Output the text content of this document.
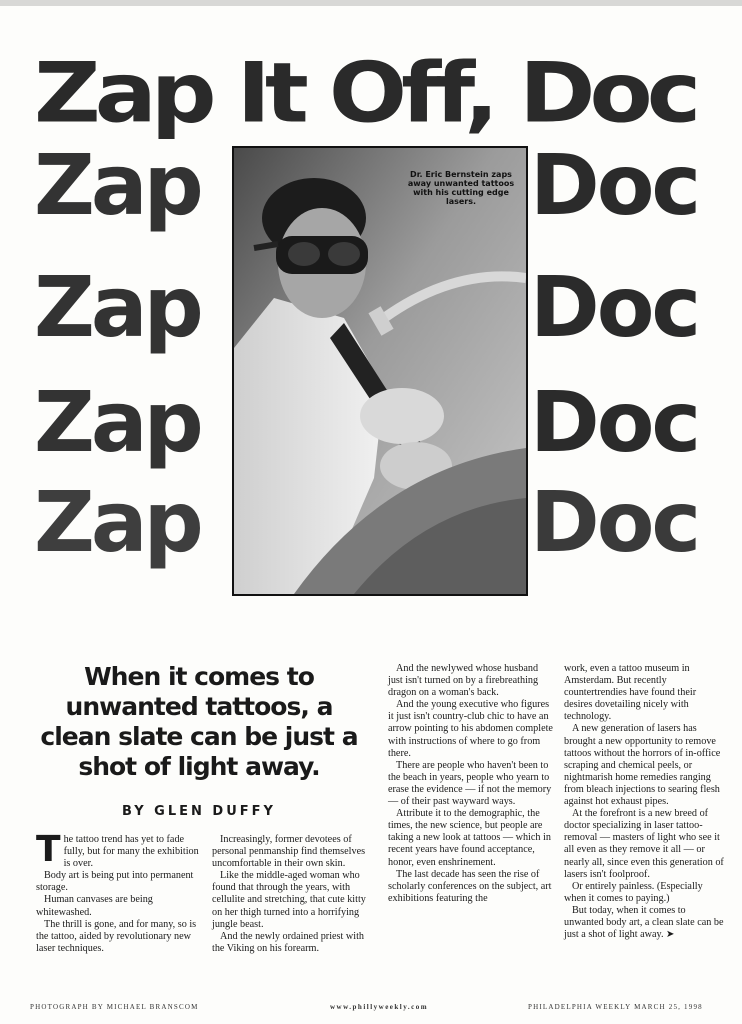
Zap It Off, Doc
Zap	Doc
Zap	Doc
Zap	Doc
Zap	Doc
Dr. Eric Bernstein zaps away unwanted tattoos with his cutting edge lasers.
When it comes to unwanted tattoos, a clean slate can be just a shot of light away.
BY GLEN DUFFY

The tattoo trend has yet to fade fully, but for many the exhibition is over.

Body art is being put into permanent storage.

Human canvases are being whitewashed.

The thrill is gone, and for many, so is the tattoo, aided by revolutionary new laser techniques.

Increasingly, former devotees of personal penmanship find themselves uncomfortable in their own skin.

Like the middle-aged woman who found that through the years, with cellulite and stretching, that cute kitty on her thigh turned into a horrifying jungle beast.

And the newly ordained priest with the Viking on his forearm.

And the newlywed whose husband just isn't turned on by a firebreathing dragon on a woman's back.

And the young executive who figures it just isn't country-club chic to have an arrow pointing to his abdomen complete with instructions of where to go from there.

There are people who haven't been to the beach in years, people who yearn to erase the evidence — if not the memory — of their past wayward ways.

Attribute it to the demographic, the times, the new science, but people are taking a new look at tattoos — which in recent years have found acceptance, honor, even enshrinement.

The last decade has seen the rise of scholarly conferences on the subject, art exhibitions featuring the

work, even a tattoo museum in Amsterdam. But recently countertrendies have found their desires dovetailing nicely with technology.

A new generation of lasers has brought a new opportunity to remove tattoos without the horrors of in-office scraping and chemical peels, or nightmarish home remedies ranging from bleach injections to searing flesh against hot exhaust pipes.

At the forefront is a new breed of doctor specializing in laser tattoo-removal — masters of light who see it all even as they remove it all — or nearly all, since even this generation of lasers isn't foolproof.

Or entirely painless. (Especially when it comes to paying.)

But today, when it comes to unwanted body art, a clean slate can be just a shot of light away. ➤

PHOTOGRAPH BY MICHAEL BRANSCOM	www.phillyweekly.com	PHILADELPHIA WEEKLY MARCH 25, 1998
